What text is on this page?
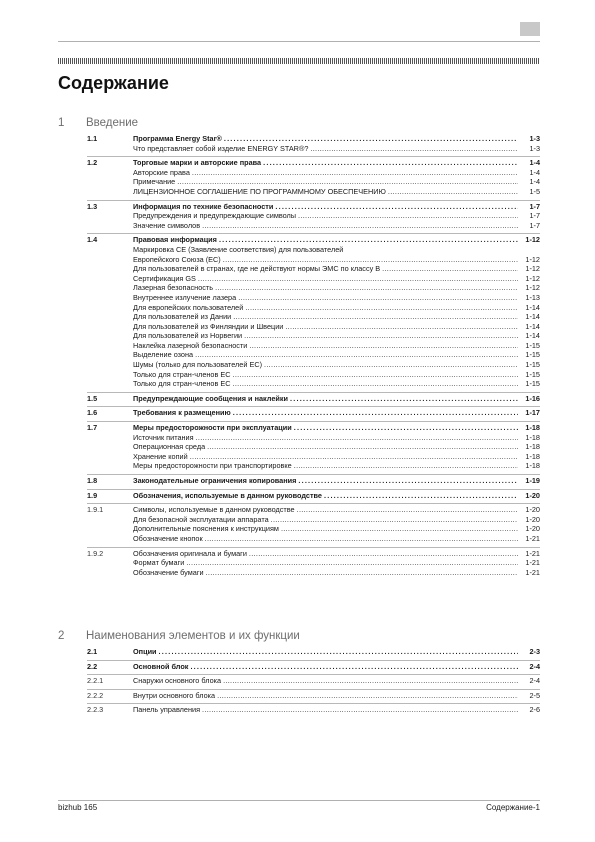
Содержание
1 Введение
1.1	Программа Energy Star® .....	1-3
Что представляет собой изделие ENERGY STAR®? .....	1-3
1.2	Торговые марки и авторские права .....	1-4
Авторские права .....	1-4
Примечание .....	1-4
ЛИЦЕНЗИОННОЕ СОГЛАШЕНИЕ ПО ПРОГРАММНОМУ ОБЕСПЕЧЕНИЮ .....	1-5
1.3	Информация по технике безопасности .....	1-7
Предупреждения и предупреждающие символы .....	1-7
Значение символов .....	1-7
1.4	Правовая информация .....	1-12
Маркировка CE (Заявление соответствия) для пользователей
Европейского Союза (ЕС) .....	1-12
Для пользователей в странах, где не действуют нормы ЭМС по классу B .....	1-12
Сертификация GS .....	1-12
Лазерная безопасность .....	1-12
Внутреннее излучение лазера .....	1-13
Для европейских пользователей .....	1-14
Для пользователей из Дании .....	1-14
Для пользователей из Финляндии и Швеции .....	1-14
Для пользователей из Норвегии .....	1-14
Наклейка лазерной безопасности .....	1-15
Выделение озона .....	1-15
Шумы (только для пользователей ЕС) .....	1-15
Только для стран-членов ЕС .....	1-15
Только для стран-членов ЕС .....	1-15
1.5	Предупреждающие сообщения и наклейки .....	1-16
1.6	Требования к размещению .....	1-17
1.7	Меры предосторожности при эксплуатации .....	1-18
Источник питания .....	1-18
Операционная среда .....	1-18
Хранение копий .....	1-18
Меры предосторожности при транспортировке .....	1-18
1.8	Законодательные ограничения копирования .....	1-19
1.9	Обозначения, используемые в данном руководстве .....	1-20
1.9.1	Символы, используемые в данном руководстве .....	1-20
Для безопасной эксплуатации аппарата .....	1-20
Дополнительные пояснения к инструкциям .....	1-20
Обозначение кнопок .....	1-21
1.9.2	Обозначения оригинала и бумаги .....	1-21
Формат бумаги .....	1-21
Обозначение бумаги .....	1-21
2 Наименования элементов и их функции
2.1	Опции .....	2-3
2.2	Основной блок .....	2-4
2.2.1	Снаружи основного блока .....	2-4
2.2.2	Внутри основного блока .....	2-5
2.2.3	Панель управления .....	2-6
bizhub 165	Содержание-1
